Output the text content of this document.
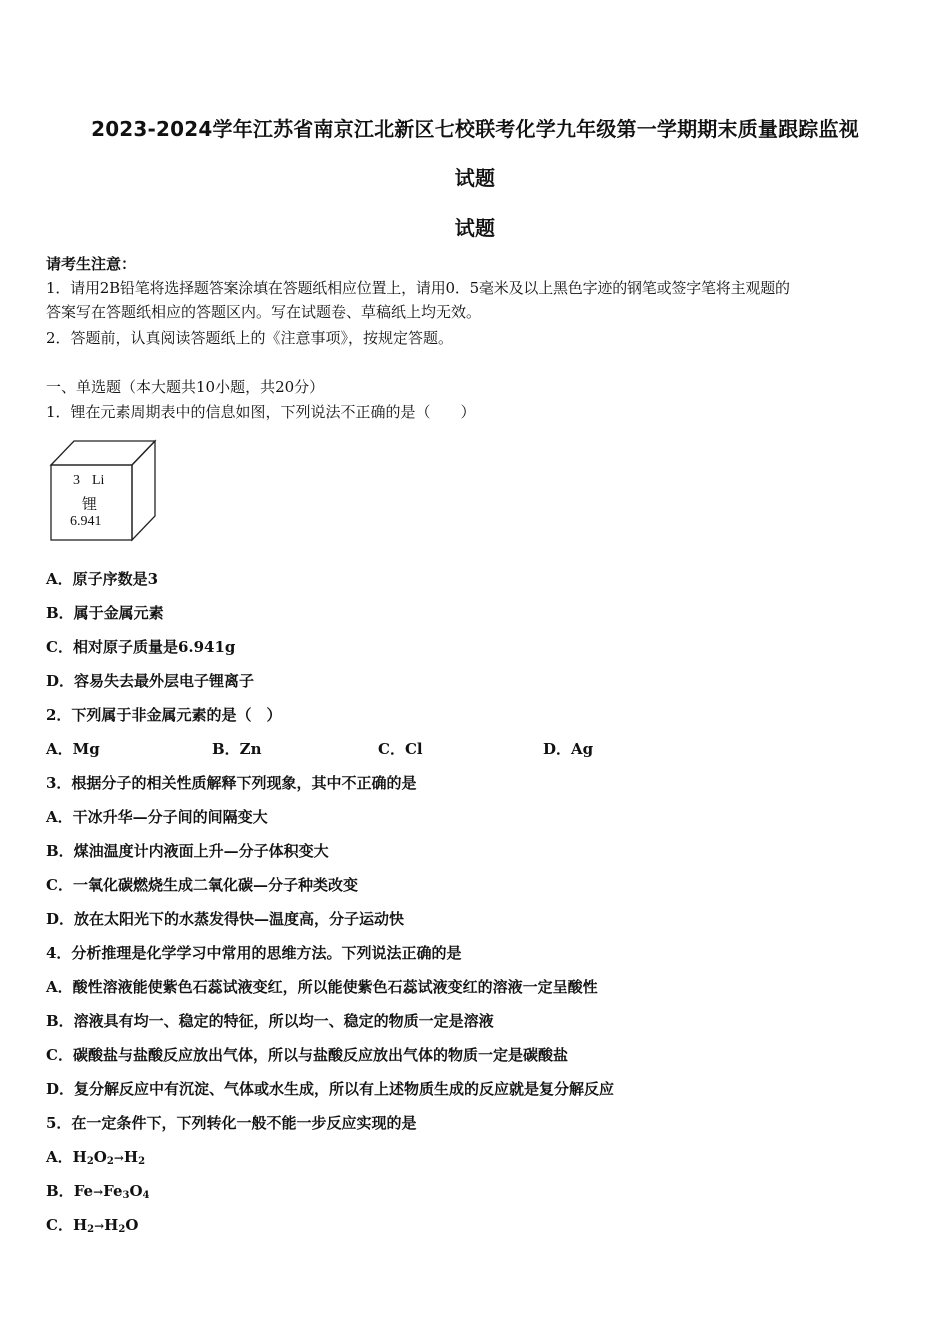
2023-2024学年江苏省南京江北新区七校联考化学九年级第一学期期末质量跟踪监视
试题
试题
请考生注意：
1．请用2B铅笔将选择题答案涂填在答题纸相应位置上，请用0．5毫米及以上黑色字迹的钢笔或签字笔将主观题的
答案写在答题纸相应的答题区内。写在试题卷、草稿纸上均无效。
2．答题前，认真阅读答题纸上的《注意事项》，按规定答题。
一、单选题（本大题共10小题，共20分）
1．锂在元素周期表中的信息如图，下列说法不正确的是（　　）
3 Li
锂
6.941
A．原子序数是3
B．属于金属元素
C．相对原子质量是6.941g
D．容易失去最外层电子锂离子
2．下列属于非金属元素的是（　）
A．Mg	B．Zn	C．Cl	D．Ag
3．根据分子的相关性质解释下列现象，其中不正确的是
A．干冰升华—分子间的间隔变大
B．煤油温度计内液面上升—分子体积变大
C．一氧化碳燃烧生成二氧化碳—分子种类改变
D．放在太阳光下的水蒸发得快—温度高，分子运动快
4．分析推理是化学学习中常用的思维方法。下列说法正确的是
A．酸性溶液能使紫色石蕊试液变红，所以能使紫色石蕊试液变红的溶液一定呈酸性
B．溶液具有均一、稳定的特征，所以均一、稳定的物质一定是溶液
C．碳酸盐与盐酸反应放出气体，所以与盐酸反应放出气体的物质一定是碳酸盐
D．复分解反应中有沉淀、气体或水生成，所以有上述物质生成的反应就是复分解反应
5．在一定条件下，下列转化一般不能一步反应实现的是
A．$H_2O_2\to H_2$
B．$Fe\to Fe_3O_4$
C．$H_2\to H_2O$
